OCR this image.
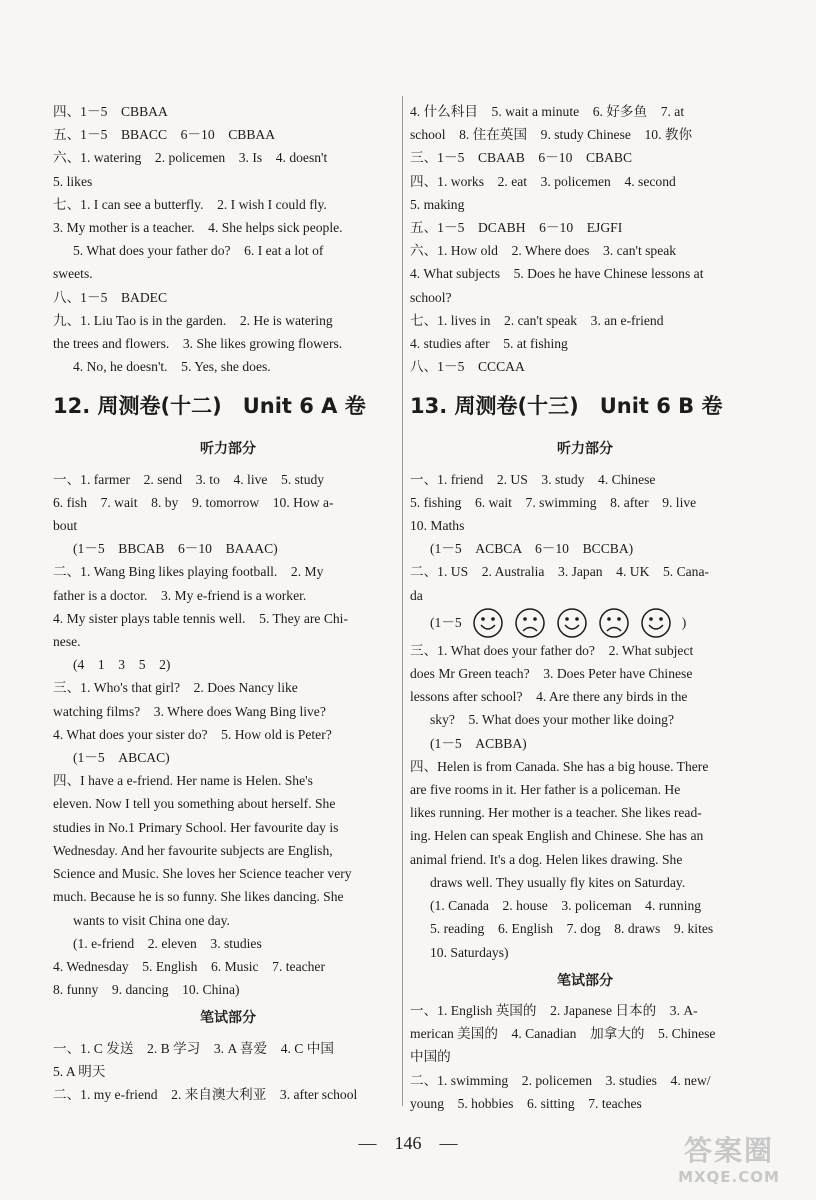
四、1－5　CBBAA
五、1－5　BBACC　6－10　CBBAA
六、1. watering　2. policemen　3. Is　4. doesn't
5. likes
七、1. I can see a butterfly.　2. I wish I could fly.
3. My mother is a teacher.　4. She helps sick people.
5. What does your father do?　6. I eat a lot of
sweets.
八、1－5　BADEC
九、1. Liu Tao is in the garden.　2. He is watering
the trees and flowers.　3. She likes growing flowers.
4. No, he doesn't.　5. Yes, she does.
12. 周测卷(十二)　Unit 6 A 卷
听力部分
一、1. farmer　2. send　3. to　4. live　5. study
6. fish　7. wait　8. by　9. tomorrow　10. How a-
bout
(1－5　BBCAB　6－10　BAAAC)
二、1. Wang Bing likes playing football.　2. My
father is a doctor.　3. My e-friend is a worker.
4. My sister plays table tennis well.　5. They are Chi-
nese.
(4　1　3　5　2)
三、1. Who's that girl?　2. Does Nancy like
watching films?　3. Where does Wang Bing live?
4. What does your sister do?　5. How old is Peter?
(1－5　ABCAC)
四、I have a e-friend. Her name is Helen. She's
eleven. Now I tell you something about herself. She
studies in No.1 Primary School. Her favourite day is
Wednesday. And her favourite subjects are English,
Science and Music. She loves her Science teacher very
much. Because he is so funny. She likes dancing. She
wants to visit China one day.
(1. e-friend　2. eleven　3. studies
4. Wednesday　5. English　6. Music　7. teacher
8. funny　9. dancing　10. China)
笔试部分
一、1. C 发送　2. B 学习　3. A 喜爱　4. C 中国
5. A 明天
二、1. my e-friend　2. 来自澳大利亚　3. after school
4. 什么科目　5. wait a minute　6. 好多鱼　7. at
school　8. 住在英国　9. study Chinese　10. 教你
三、1－5　CBAAB　6－10　CBABC
四、1. works　2. eat　3. policemen　4. second
5. making
五、1－5　DCABH　6－10　EJGFI
六、1. How old　2. Where does　3. can't speak
4. What subjects　5. Does he have Chinese lessons at
school?
七、1. lives in　2. can't speak　3. an e-friend
4. studies after　5. at fishing
八、1－5　CCCAA
13. 周测卷(十三)　Unit 6 B 卷
听力部分
一、1. friend　2. US　3. study　4. Chinese
5. fishing　6. wait　7. swimming　8. after　9. live
10. Maths
(1－5　ACBCA　6－10　BCCBA)
二、1. US　2. Australia　3. Japan　4. UK　5. Cana-
da
(1－5	)
三、1. What does your father do?　2. What subject
does Mr Green teach?　3. Does Peter have Chinese
lessons after school?　4. Are there any birds in the
sky?　5. What does your mother like doing?
(1－5　ACBBA)
四、Helen is from Canada. She has a big house. There
are five rooms in it. Her father is a policeman. He
likes running. Her mother is a teacher. She likes read-
ing. Helen can speak English and Chinese. She has an
animal friend. It's a dog. Helen likes drawing. She
draws well. They usually fly kites on Saturday.
(1. Canada　2. house　3. policeman　4. running
5. reading　6. English　7. dog　8. draws　9. kites
10. Saturdays)
笔试部分
一、1. English 英国的　2. Japanese 日本的　3. A-
merican 美国的　4. Canadian　加拿大的　5. Chinese
中国的
二、1. swimming　2. policemen　3. studies　4. new/
young　5. hobbies　6. sitting　7. teaches
—　146　—	答案圈
MXQE.COM
